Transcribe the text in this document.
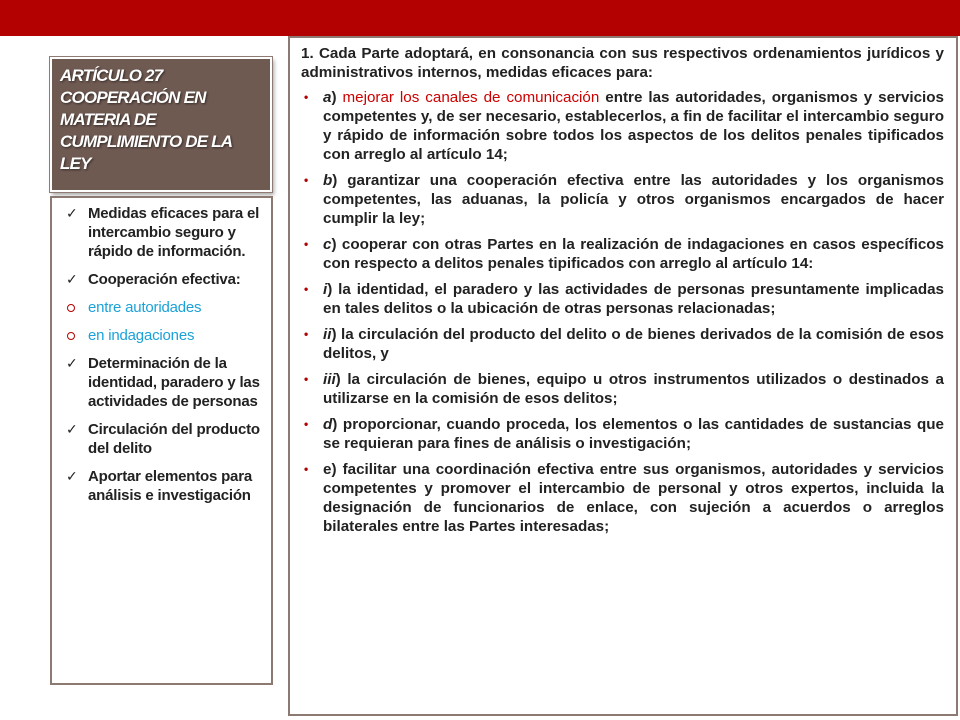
ARTÍCULO 27 COOPERACIÓN EN MATERIA DE CUMPLIMIENTO DE LA LEY
✓ Medidas eficaces para el intercambio seguro y rápido de información.
✓ Cooperación efectiva:
entre autoridades
en indagaciones
✓ Determinación de la identidad, paradero y las actividades de personas
✓ Circulación del producto del delito
✓ Aportar elementos para análisis e investigación

1. Cada Parte adoptará, en consonancia con sus respectivos ordenamientos jurídicos y administrativos internos, medidas eficaces para:

• a) mejorar los canales de comunicación entre las autoridades, organismos y servicios competentes y, de ser necesario, establecerlos, a fin de facilitar el intercambio seguro y rápido de información sobre todos los aspectos de los delitos penales tipificados con arreglo al artículo 14;
• b) garantizar una cooperación efectiva entre las autoridades y los organismos competentes, las aduanas, la policía y otros organismos encargados de hacer cumplir la ley;
• c) cooperar con otras Partes en la realización de indagaciones en casos específicos con respecto a delitos penales tipificados con arreglo al artículo 14:
• i) la identidad, el paradero y las actividades de personas presuntamente implicadas en tales delitos o la ubicación de otras personas relacionadas;
• ii) la circulación del producto del delito o de bienes derivados de la comisión de esos delitos, y
• iii) la circulación de bienes, equipo u otros instrumentos utilizados o destinados a utilizarse en la comisión de esos delitos;
• d) proporcionar, cuando proceda, los elementos o las cantidades de sustancias que se requieran para fines de análisis o investigación;
• e) facilitar una coordinación efectiva entre sus organismos, autoridades y servicios competentes y promover el intercambio de personal y otros expertos, incluida la designación de funcionarios de enlace, con sujeción a acuerdos o arreglos bilaterales entre las Partes interesadas;
